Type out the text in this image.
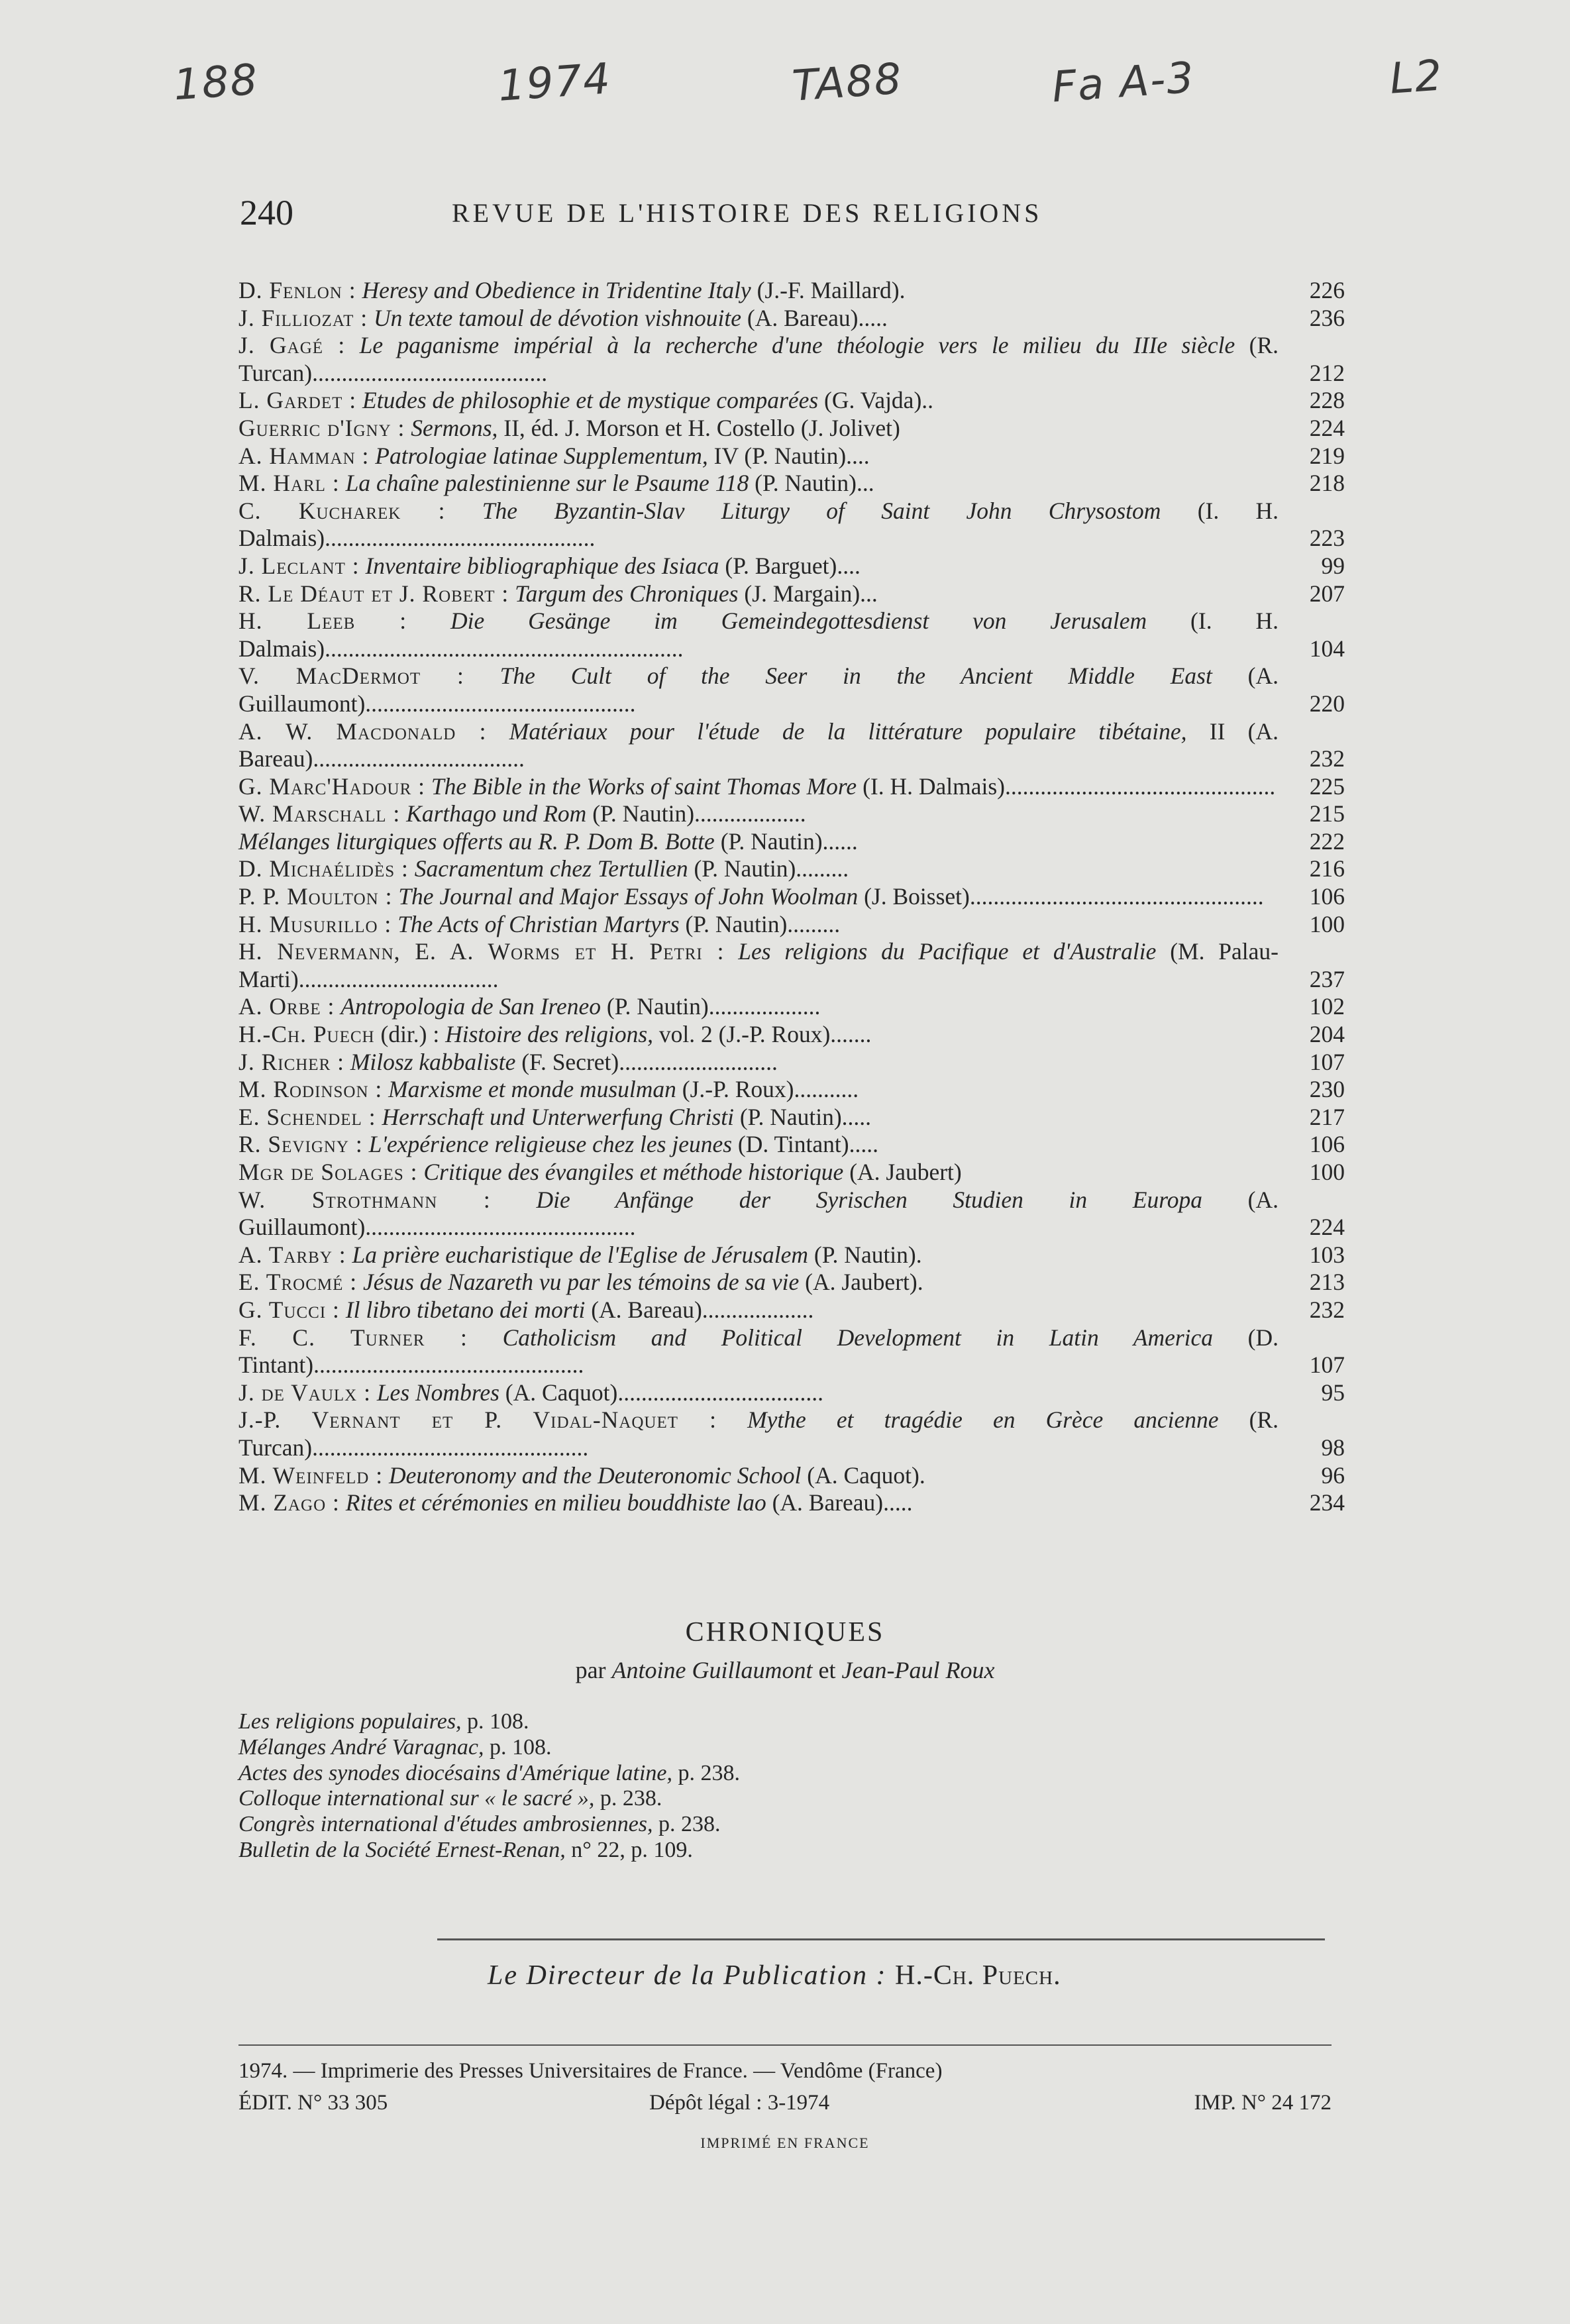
188	1974	TA88	Fa A-3	L2
240	REVUE DE L'HISTOIRE DES RELIGIONS
D. Fenlon : Heresy and Obedience in Tridentine Italy (J.-F. Maillard).	226
J. Filliozat : Un texte tamoul de dévotion vishnouite (A. Bareau).....	236
J. Gagé : Le paganisme impérial à la recherche d'une théologie vers le milieu du IIIe siècle (R. Turcan)........................................	212
L. Gardet : Etudes de philosophie et de mystique comparées (G. Vajda)..	228
Guerric d'Igny : Sermons, II, éd. J. Morson et H. Costello (J. Jolivet)	224
A. Hamman : Patrologiae latinae Supplementum, IV (P. Nautin)....	219
M. Harl : La chaîne palestinienne sur le Psaume 118 (P. Nautin)...	218
C. Kucharek : The Byzantin-Slav Liturgy of Saint John Chrysostom (I. H. Dalmais)..............................................	223
J. Leclant : Inventaire bibliographique des Isiaca (P. Barguet)....	99
R. Le Déaut et J. Robert : Targum des Chroniques (J. Margain)...	207
H. Leeb : Die Gesänge im Gemeindegottesdienst von Jerusalem (I. H. Dalmais).............................................................	104
V. MacDermot : The Cult of the Seer in the Ancient Middle East (A. Guillaumont)..............................................	220
A. W. Macdonald : Matériaux pour l'étude de la littérature populaire tibétaine, II (A. Bareau)....................................	232
G. Marc'Hadour : The Bible in the Works of saint Thomas More (I. H. Dalmais)..............................................	225
W. Marschall : Karthago und Rom (P. Nautin)...................	215
Mélanges liturgiques offerts au R. P. Dom B. Botte (P. Nautin)......	222
D. Michaélidès : Sacramentum chez Tertullien (P. Nautin).........	216
P. P. Moulton : The Journal and Major Essays of John Woolman (J. Boisset)..................................................	106
H. Musurillo : The Acts of Christian Martyrs (P. Nautin).........	100
H. Nevermann, E. A. Worms et H. Petri : Les religions du Pacifique et d'Australie (M. Palau-Marti)..................................	237
A. Orbe : Antropologia de San Ireneo (P. Nautin)...................	102
H.-Ch. Puech (dir.) : Histoire des religions, vol. 2 (J.-P. Roux).......	204
J. Richer : Milosz kabbaliste (F. Secret)...........................	107
M. Rodinson : Marxisme et monde musulman (J.-P. Roux)...........	230
E. Schendel : Herrschaft und Unterwerfung Christi (P. Nautin).....	217
R. Sevigny : L'expérience religieuse chez les jeunes (D. Tintant).....	106
Mgr de Solages : Critique des évangiles et méthode historique (A. Jaubert)	100
W. Strothmann : Die Anfänge der Syrischen Studien in Europa (A. Guillaumont)..............................................	224
A. Tarby : La prière eucharistique de l'Eglise de Jérusalem (P. Nautin).	103
E. Trocmé : Jésus de Nazareth vu par les témoins de sa vie (A. Jaubert).	213
G. Tucci : Il libro tibetano dei morti (A. Bareau)...................	232
F. C. Turner : Catholicism and Political Development in Latin America (D. Tintant)..............................................	107
J. de Vaulx : Les Nombres (A. Caquot)...................................	95
J.-P. Vernant et P. Vidal-Naquet : Mythe et tragédie en Grèce ancienne (R. Turcan)...............................................	98
M. Weinfeld : Deuteronomy and the Deuteronomic School (A. Caquot).	96
M. Zago : Rites et cérémonies en milieu bouddhiste lao (A. Bareau).....	234
CHRONIQUES
par Antoine Guillaumont et Jean-Paul Roux
Les religions populaires, p. 108.
Mélanges André Varagnac, p. 108.
Actes des synodes diocésains d'Amérique latine, p. 238.
Colloque international sur « le sacré », p. 238.
Congrès international d'études ambrosiennes, p. 238.
Bulletin de la Société Ernest-Renan, n° 22, p. 109.
Le Directeur de la Publication : H.-Ch. Puech.
1974. — Imprimerie des Presses Universitaires de France. — Vendôme (France)
ÉDIT. N° 33 305	Dépôt légal : 3-1974	IMP. N° 24 172
IMPRIMÉ EN FRANCE
